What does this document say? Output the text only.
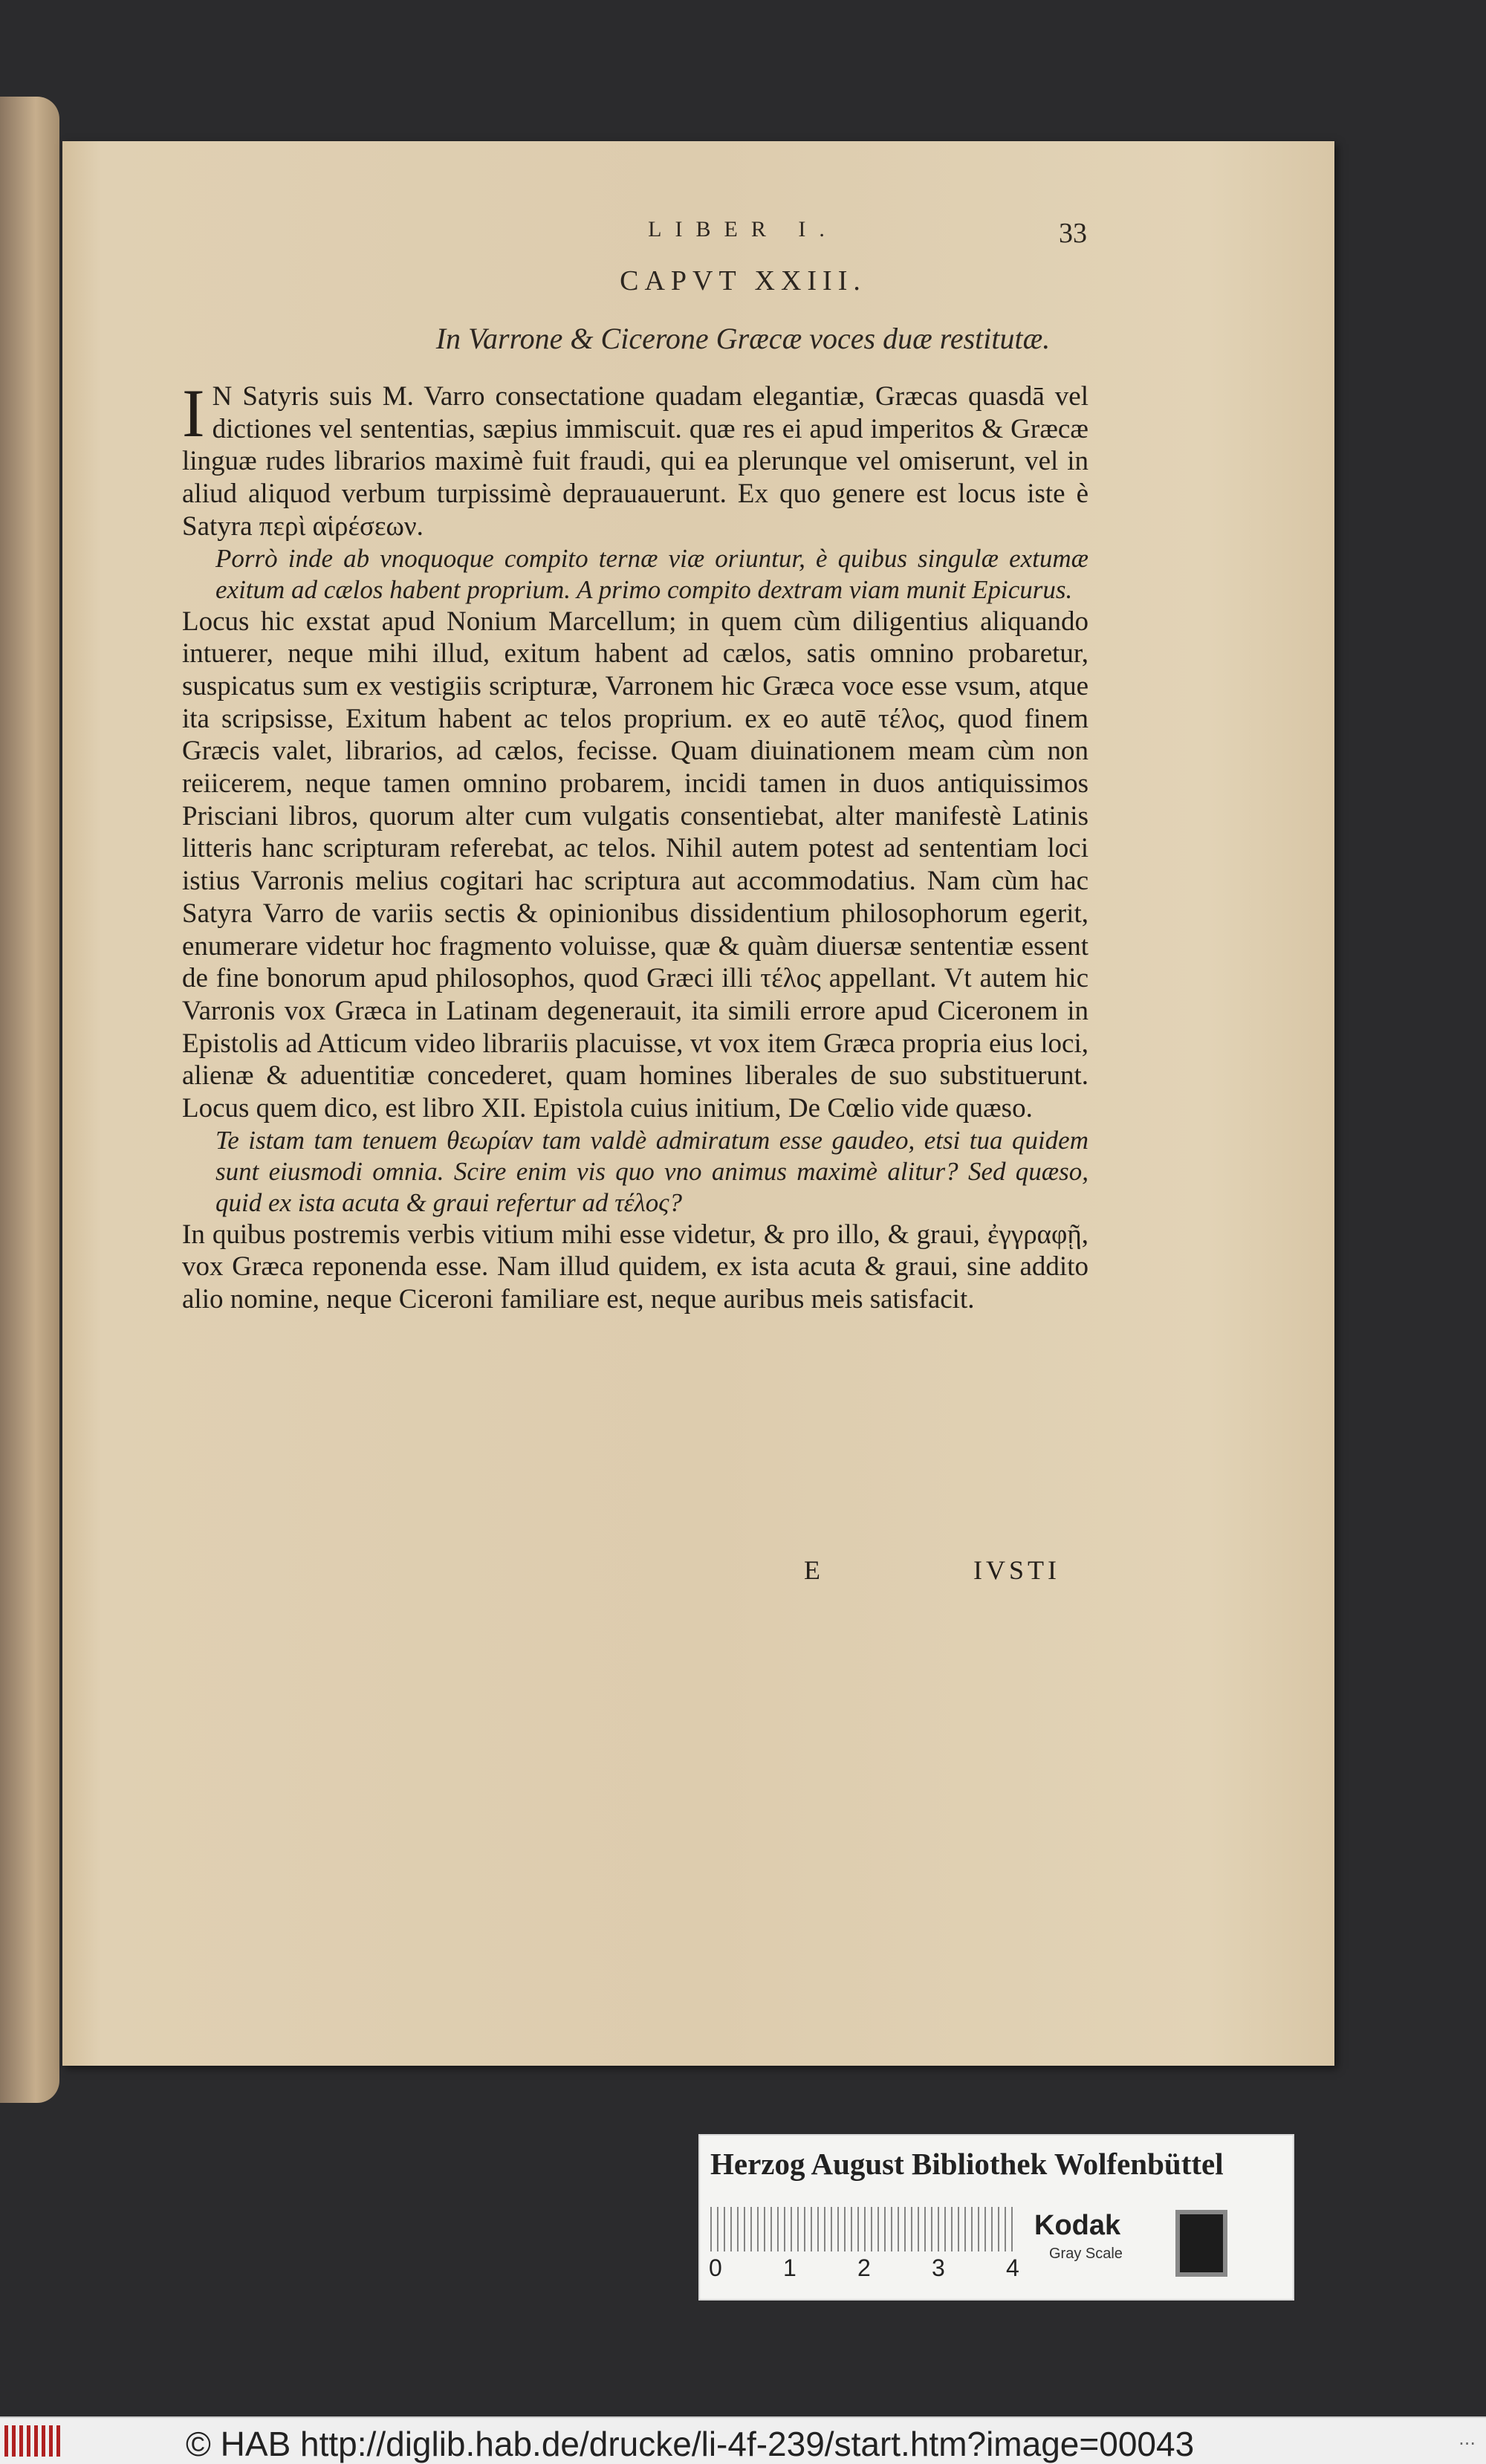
LIBER I.	33
CAPVT XXIII.
In Varrone & Cicerone Græcæ voces duæ restitutæ.

I N Satyris suis M. Varro consectatione quadam elegantiæ, Græcas quasdā vel dictiones vel sententias, sæpius immiscuit. quæ res ei apud imperitos & Græcæ linguæ rudes librarios maximè fuit fraudi, qui ea plerunque vel omiserunt, vel in aliud aliquod verbum turpissimè deprauauerunt. Ex quo genere est locus iste è Satyra περὶ αἱρέσεων.

Porrò inde ab vnoquoque compito ternæ viæ oriuntur, è quibus singulæ extumæ exitum ad cælos habent proprium. A primo compito dextram viam munit Epicurus.

Locus hic exstat apud Nonium Marcellum; in quem cùm diligentius aliquando intuerer, neque mihi illud, exitum habent ad cælos, satis omnino probaretur, suspicatus sum ex vestigiis scripturæ, Varronem hic Græca voce esse vsum, atque ita scripsisse, Exitum habent ac telos proprium. ex eo autē τέλος, quod finem Græcis valet, librarios, ad cælos, fecisse. Quam diuinationem meam cùm non reiicerem, neque tamen omnino probarem, incidi tamen in duos antiquissimos Prisciani libros, quorum alter cum vulgatis consentiebat, alter manifestè Latinis litteris hanc scripturam referebat, ac telos. Nihil autem potest ad sententiam loci istius Varronis melius cogitari hac scriptura aut accommodatius. Nam cùm hac Satyra Varro de variis sectis & opinionibus dissidentium philosophorum egerit, enumerare videtur hoc fragmento voluisse, quæ & quàm diuersæ sententiæ essent de fine bonorum apud philosophos, quod Græci illi τέλος appellant. Vt autem hic Varronis vox Græca in Latinam degenerauit, ita simili errore apud Ciceronem in Epistolis ad Atticum video librariis placuisse, vt vox item Græca propria eius loci, alienæ & aduentitiæ concederet, quam homines liberales de suo substituerunt. Locus quem dico, est libro XII. Epistola cuius initium, De Cœlio vide quæso.

Te istam tam tenuem θεωρίαν tam valdè admiratum esse gaudeo, etsi tua quidem sunt eiusmodi omnia. Scire enim vis quo vno animus maximè alitur? Sed quæso, quid ex ista acuta & graui refertur ad τέλος?

In quibus postremis verbis vitium mihi esse videtur, & pro illo, & graui, ἐγγραφῇ, vox Græca reponenda esse. Nam illud quidem, ex ista acuta & graui, sine addito alio nomine, neque Ciceroni familiare est, neque auribus meis satisfacit.

E	IVSTI
Herzog August Bibliothek Wolfenbüttel
0	1	2	3	4
Kodak
Gray Scale
© HAB http://diglib.hab.de/drucke/li-4f-239/start.htm?image=00043	...
